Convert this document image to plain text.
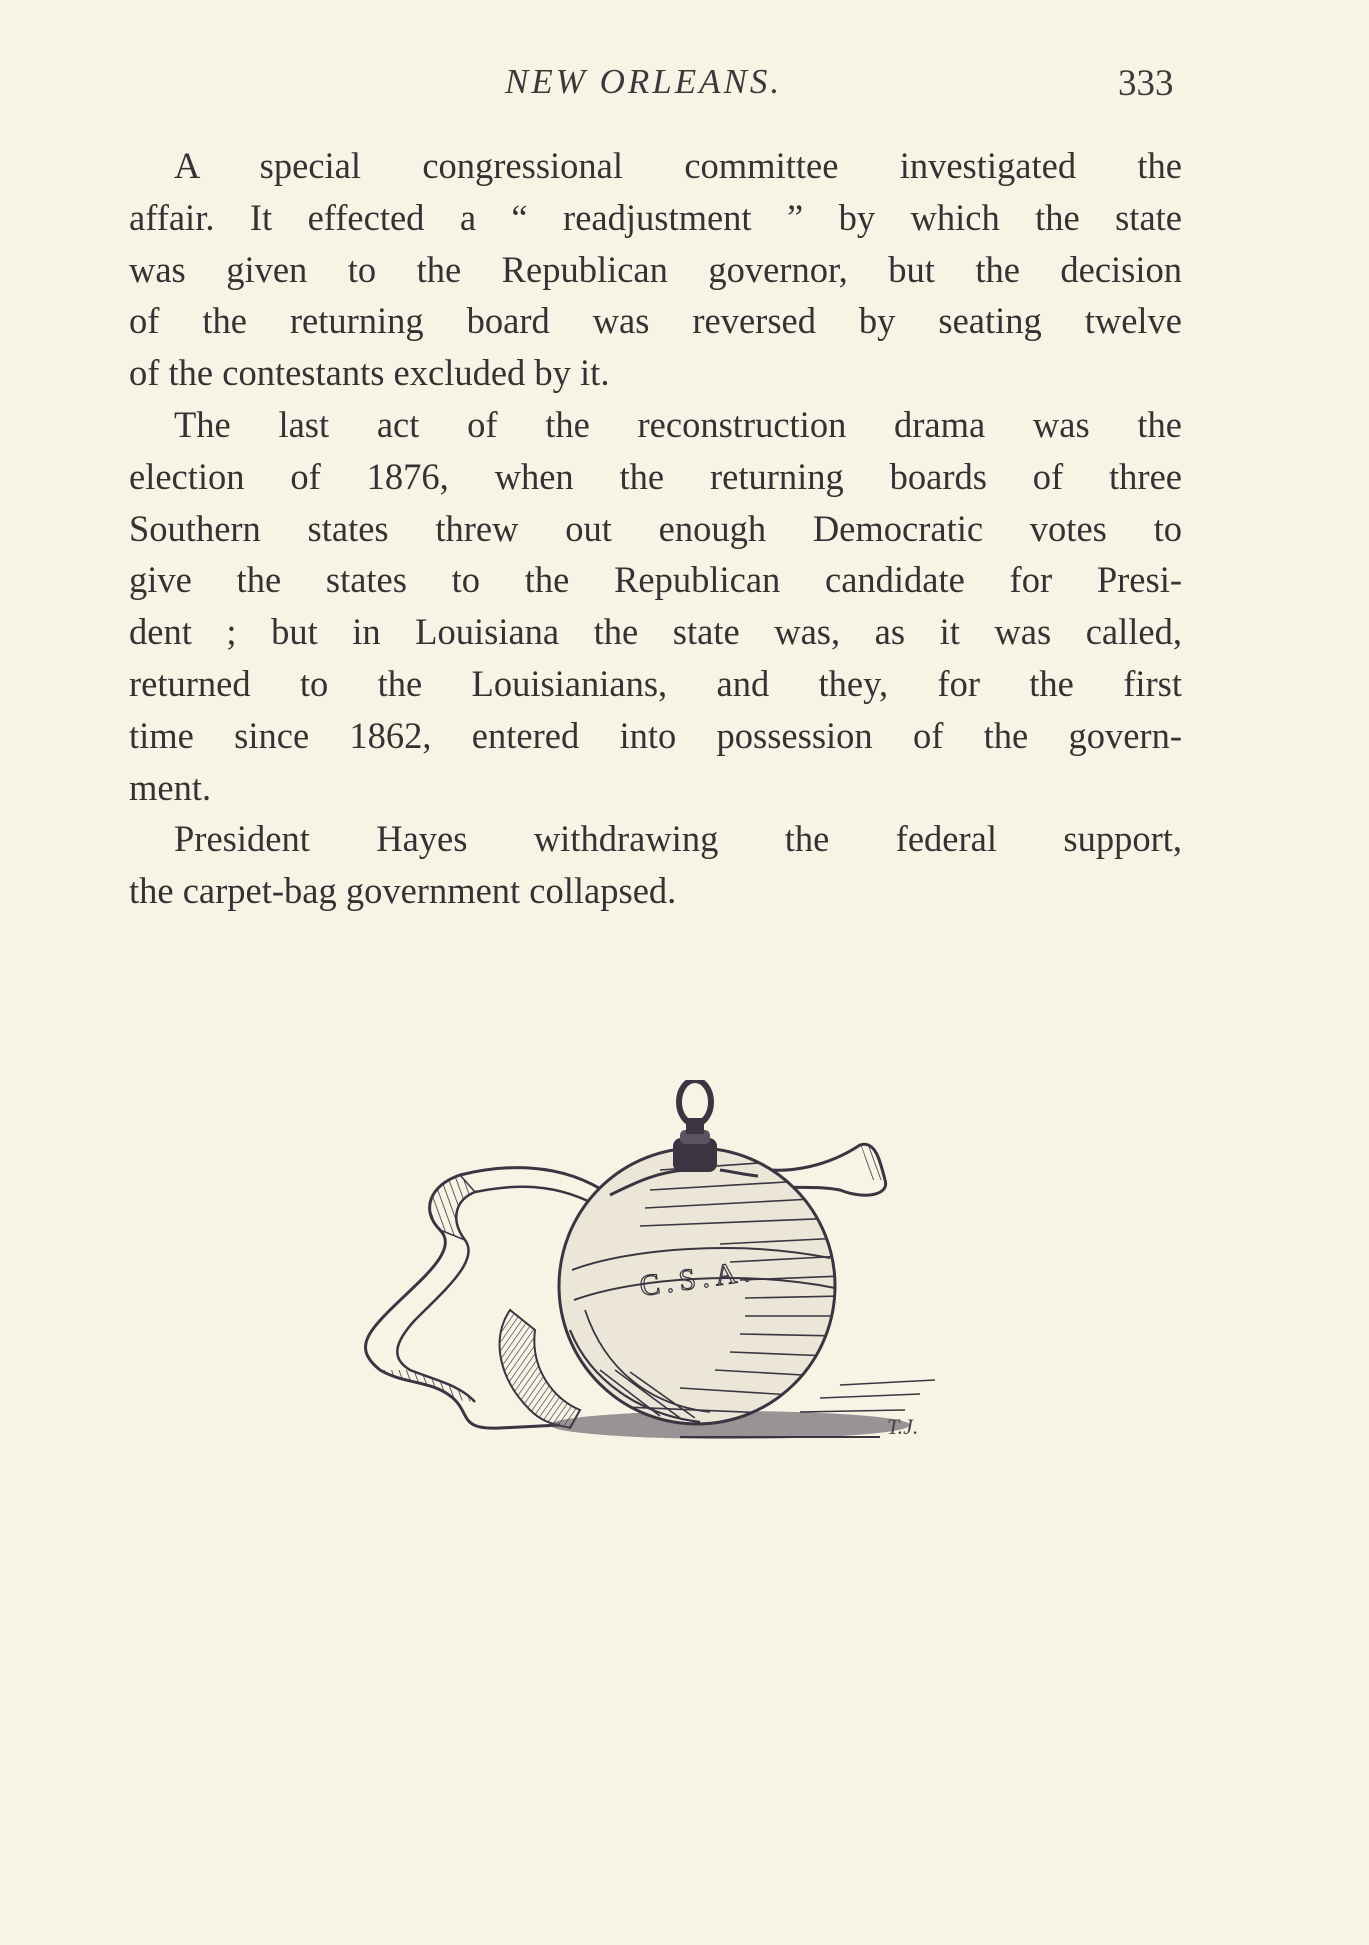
NEW ORLEANS.	333
A special congressional committee investigated the
affair. It effected a “ readjustment ” by which the state
was given to the Republican governor, but the decision
of the returning board was reversed by seating twelve
of the contestants excluded by it.
The last act of the reconstruction drama was the
election of 1876, when the returning boards of three
Southern states threw out enough Democratic votes to
give the states to the Republican candidate for Presi-
dent ; but in Louisiana the state was, as it was called,
returned to the Louisianians, and they, for the first
time since 1862, entered into possession of the govern-
ment.
President Hayes withdrawing the federal support,
the carpet-bag government collapsed.
C.S.A.
T.J.
